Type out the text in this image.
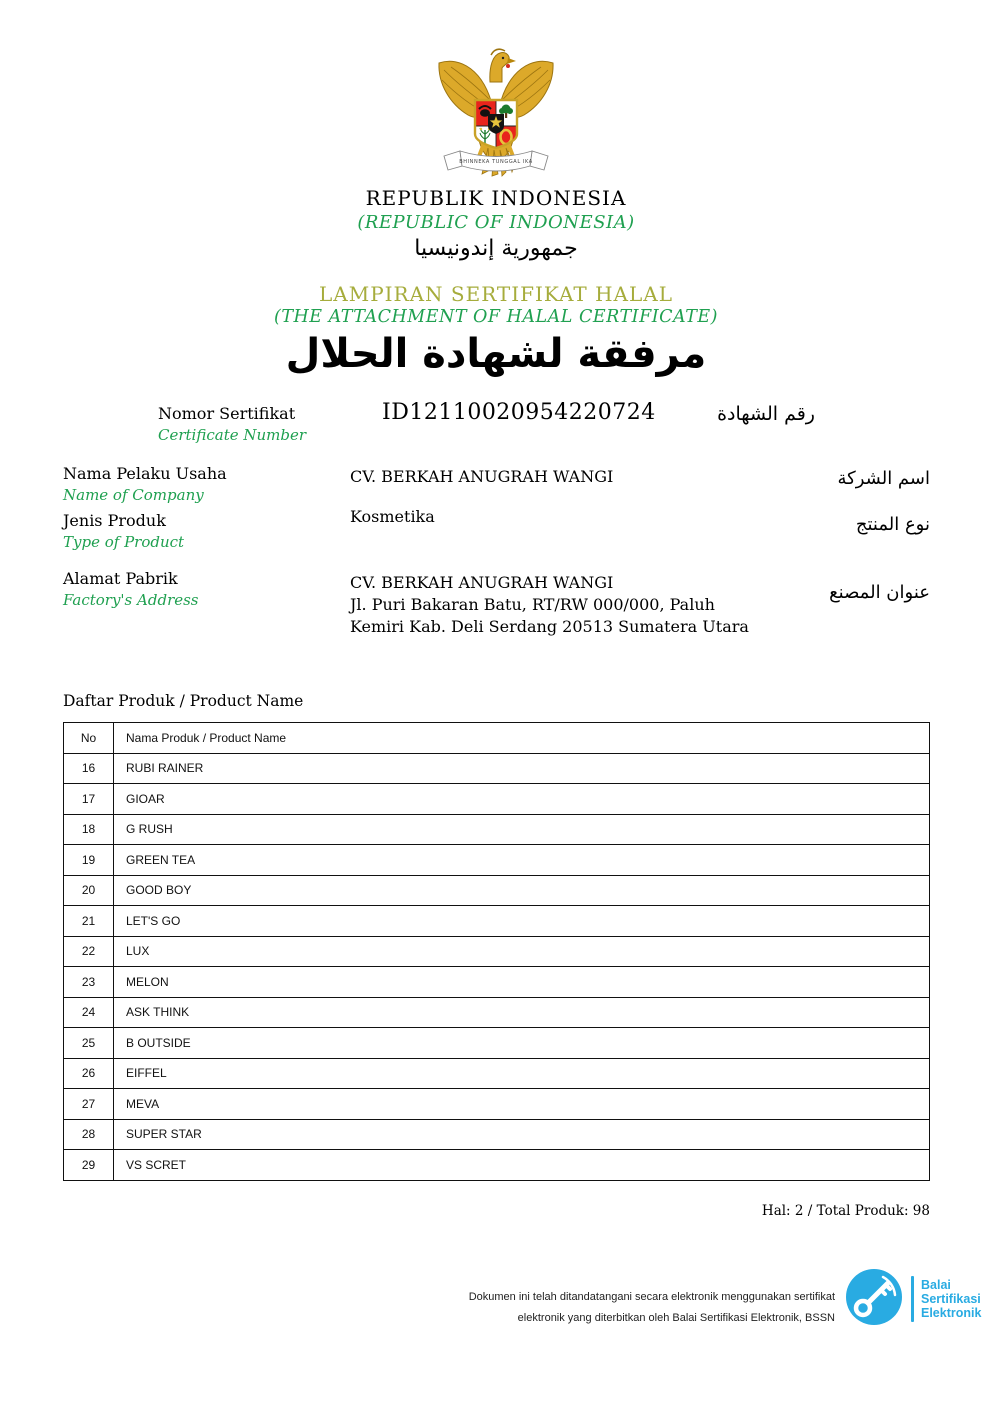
BHINNEKA TUNGGAL IKA
REPUBLIK INDONESIA
(REPUBLIC OF INDONESIA)
جمهورية إندونيسيا
LAMPIRAN SERTIFIKAT HALAL
(THE ATTACHMENT OF HALAL CERTIFICATE)
مرفقة لشهادة الحلال
Nomor Sertifikat
Certificate Number
ID12110020954220724	رقم الشهادة
Nama Pelaku Usaha
Name of Company
CV. BERKAH ANUGRAH WANGI	اسم الشركة
Jenis Produk
Type of Product
Kosmetika	نوع المنتج
Alamat Pabrik
Factory's Address
CV. BERKAH ANUGRAH WANGI
Jl. Puri Bakaran Batu, RT/RW 000/000, Paluh
Kemiri Kab. Deli Serdang 20513 Sumatera Utara
عنوان المصنع
Daftar Produk / Product Name
No	Nama Produk / Product Name
16	RUBI RAINER
17	GIOAR
18	G RUSH
19	GREEN TEA
20	GOOD BOY
21	LET'S GO
22	LUX
23	MELON
24	ASK THINK
25	B OUTSIDE
26	EIFFEL
27	MEVA
28	SUPER STAR
29	VS SCRET
Hal: 2 / Total Produk: 98
Dokumen ini telah ditandatangani secara elektronik menggunakan sertifikat
elektronik yang diterbitkan oleh Balai Sertifikasi Elektronik, BSSN
Balai
Sertifikasi
Elektronik
